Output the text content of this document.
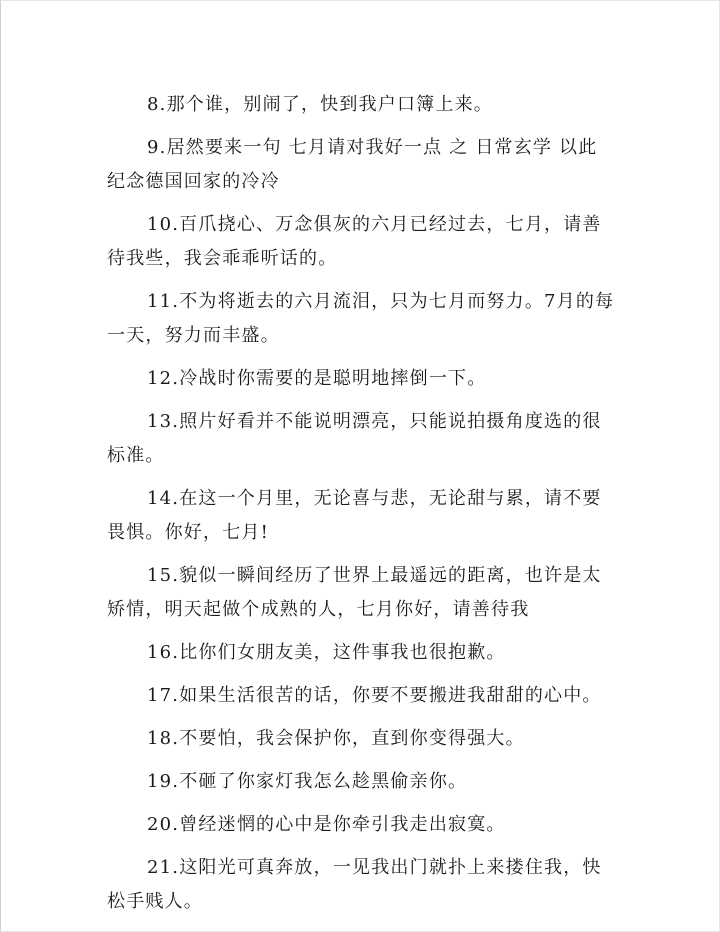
8.那个谁，别闹了，快到我户口簿上来。

9.居然要来一句 七月请对我好一点 之 日常玄学 以此纪念德国回家的冷冷

10.百爪挠心、万念俱灰的六月已经过去，七月，请善待我些，我会乖乖听话的。

11.不为将逝去的六月流泪，只为七月而努力。7月的每一天，努力而丰盛。

12.冷战时你需要的是聪明地摔倒一下。

13.照片好看并不能说明漂亮，只能说拍摄角度选的很标准。

14.在这一个月里，无论喜与悲，无论甜与累，请不要畏惧。你好，七月!

15.貌似一瞬间经历了世界上最遥远的距离，也许是太矫情，明天起做个成熟的人，七月你好，请善待我

16.比你们女朋友美，这件事我也很抱歉。

17.如果生活很苦的话，你要不要搬进我甜甜的心中。

18.不要怕，我会保护你，直到你变得强大。

19.不砸了你家灯我怎么趁黑偷亲你。

20.曾经迷惘的心中是你牵引我走出寂寞。

21.这阳光可真奔放，一见我出门就扑上来搂住我，快松手贱人。
